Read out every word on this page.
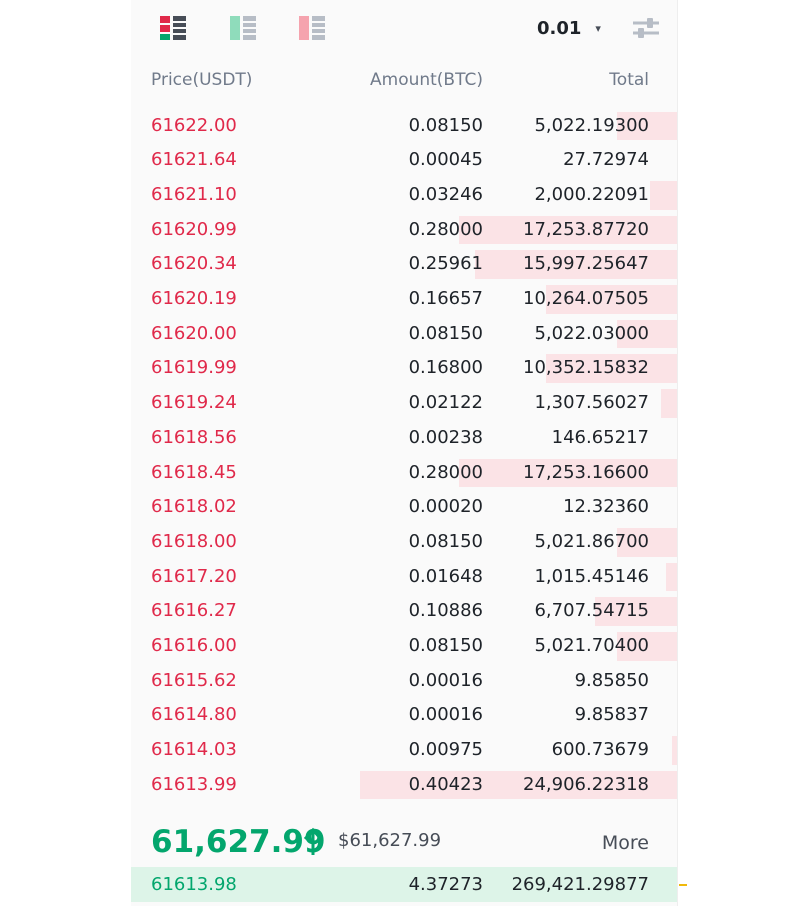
0.01 ▾
Price(USDT)	Amount(BTC)	Total
61622.00	0.08150	5,022.19300
61621.64	0.00045	27.72974
61621.10	0.03246	2,000.22091
61620.99	0.28000	17,253.87720
61620.34	0.25961	15,997.25647
61620.19	0.16657	10,264.07505
61620.00	0.08150	5,022.03000
61619.99	0.16800	10,352.15832
61619.24	0.02122	1,307.56027
61618.56	0.00238	146.65217
61618.45	0.28000	17,253.16600
61618.02	0.00020	12.32360
61618.00	0.08150	5,021.86700
61617.20	0.01648	1,015.45146
61616.27	0.10886	6,707.54715
61616.00	0.08150	5,021.70400
61615.62	0.00016	9.85850
61614.80	0.00016	9.85837
61614.03	0.00975	600.73679
61613.99	0.40423	24,906.22318
61,627.99 $61,627.99	More
61613.98	4.37273	269,421.29877
